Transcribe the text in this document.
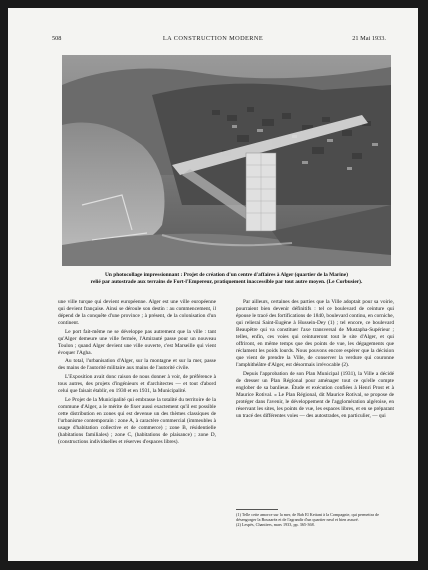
508	LA CONSTRUCTION MODERNE	21 Mai 1933.
Un photocollage impressionnant : Projet de création d'un centre d'affaires à Alger (quartier de la Marine)
relié par autostrade aux terrains de Fort-l'Empereur, pratiquement inaccessible par tout autre moyen. (Le Corbusier).

une ville turque qui devient européenne. Alger est une ville européenne qui devient française. Ainsi se déroule son destin : au commencement, il dépend de la conquête d'une province ; à présent, de la colonisation d'un continent.

Le port fait-même ne se développe pas autrement que la ville : tant qu'Alger demeure une ville fermée, l'Amirauté passe pour un nouveau Toulon ; quand Alger devient une ville ouverte, c'est Marseille qui vient évoquer l'Agha.

Au total, l'urbanisation d'Alger, sur la montagne et sur la mer, passe des mains de l'autorité militaire aux mains de l'autorité civile.

L'Exposition avait donc raison de nous donner à voir, de préférence à tous autres, des projets d'ingénieurs et d'architectes — et tout d'abord celui que faisait établir, en 1930 et en 1931, la Municipalité.

Le Projet de la Municipalité qui embrasse la totalité du territoire de la commune d'Alger, a le mérite de fixer aussi exactement qu'il est possible cette distribution en zones qui est devenue un des thèmes classiques de l'urbanisme contemporain : zone A, à caractère commercial (immeubles à usage d'habitation collective et de commerce) ; zone B, résidentielle (habitations familiales) ; zone C, (habitations de plaisance) ; zone D, (constructions individuelles et réserves d'espaces libres).

Par ailleurs, certaines des parties que la Ville adoptait pour sa voirie, pourraient bien devenir définitifs : tel ce boulevard de ceinture qui épouse le tracé des fortifications de 1840, boulevard continu, en corniche, qui relierai Saint-Eugène à Hussein-Dey (1) ; tel encore, ce boulevard Beaupêtre qui va constituer l'axe transversal de Mustapha-Supérieur ; telles, enfin, ces voies qui ceintureront tout le site d'Alger, et qui offriront, en même temps que des points de vue, les dégagements que réclament les poids lourds. Nous pouvons encore espérer que la décision que vient de prendre la Ville, de conserver la verdure qui couronne l'amphithéâtre d'Alger, est désormais irrévocable (2).

Depuis l'approbation de son Plan Municipal (1931), la Ville a décidé de dresser un Plan Régional pour aménager tout ce qu'elle compte englober de sa banlieue. Étude et exécution confiées à Henri Prost et à Maurice Rotival. « Le Plan Régional, dit Maurice Rotival, se propose de protéger dans l'avenir, le développement de l'agglomération algéroise, en réservant les sites, les points de vue, les espaces libres, et en se préparant un tracé des différentes voies — des autostrades, en particulier, — qui

(1) Telle cette amorce sur la mer, de Bab El Kettani à la Compagnie, qui permettra de désengorger la Bouzaréa et de l'agrandir d'un quartier neuf et bien assuré.
(2) Lespès, Chantiers, mars 1933, pp. 365-368.
